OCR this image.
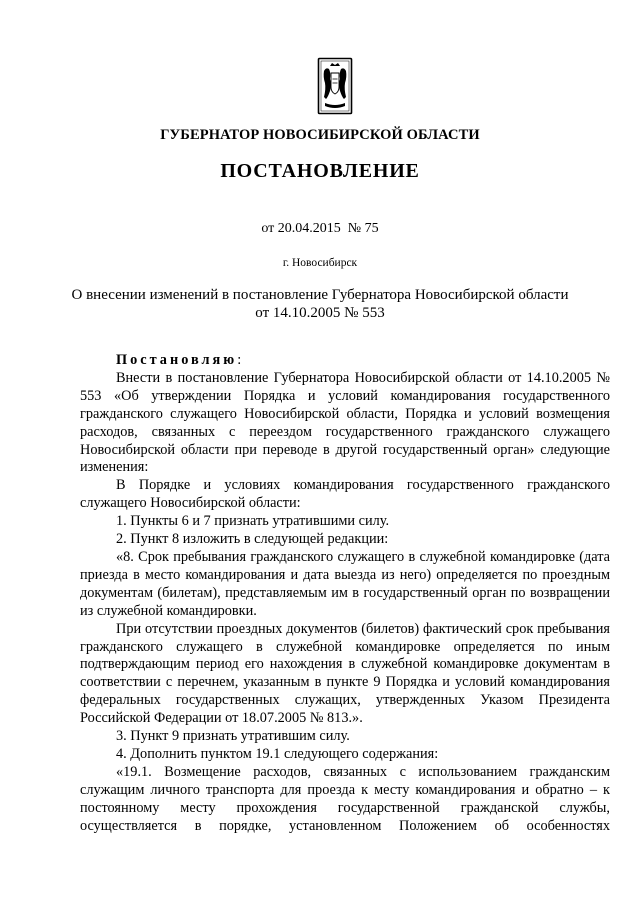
ГУБЕРНАТОР НОВОСИБИРСКОЙ ОБЛАСТИ
ПОСТАНОВЛЕНИЕ
от 20.04.2015 № 75
г. Новосибирск
О внесении изменений в постановление Губернатора Новосибирской области
от 14.10.2005 № 553

Постановляю:

Внести в постановление Губернатора Новосибирской области от 14.10.2005 № 553 «Об утверждении Порядка и условий командирования государственного гражданского служащего Новосибирской области, Порядка и условий возмещения расходов, связанных с переездом государственного гражданского служащего Новосибирской области при переводе в другой государственный орган» следующие изменения:

В Порядке и условиях командирования государственного гражданского служащего Новосибирской области:

1. Пункты 6 и 7 признать утратившими силу.

2. Пункт 8 изложить в следующей редакции:

«8. Срок пребывания гражданского служащего в служебной командировке (дата приезда в место командирования и дата выезда из него) определяется по проездным документам (билетам), представляемым им в государственный орган по возвращении из служебной командировки.

При отсутствии проездных документов (билетов) фактический срок пребывания гражданского служащего в служебной командировке определяется по иным подтверждающим период его нахождения в служебной командировке документам в соответствии с перечнем, указанным в пункте 9 Порядка и условий командирования федеральных государственных служащих, утвержденных Указом Президента Российской Федерации от 18.07.2005 № 813.».

3. Пункт 9 признать утратившим силу.

4. Дополнить пунктом 19.1 следующего содержания:

«19.1. Возмещение расходов, связанных с использованием гражданским служащим личного транспорта для проезда к месту командирования и обратно – к постоянному месту прохождения государственной гражданской службы, осуществляется в порядке, установленном Положением об особенностях
